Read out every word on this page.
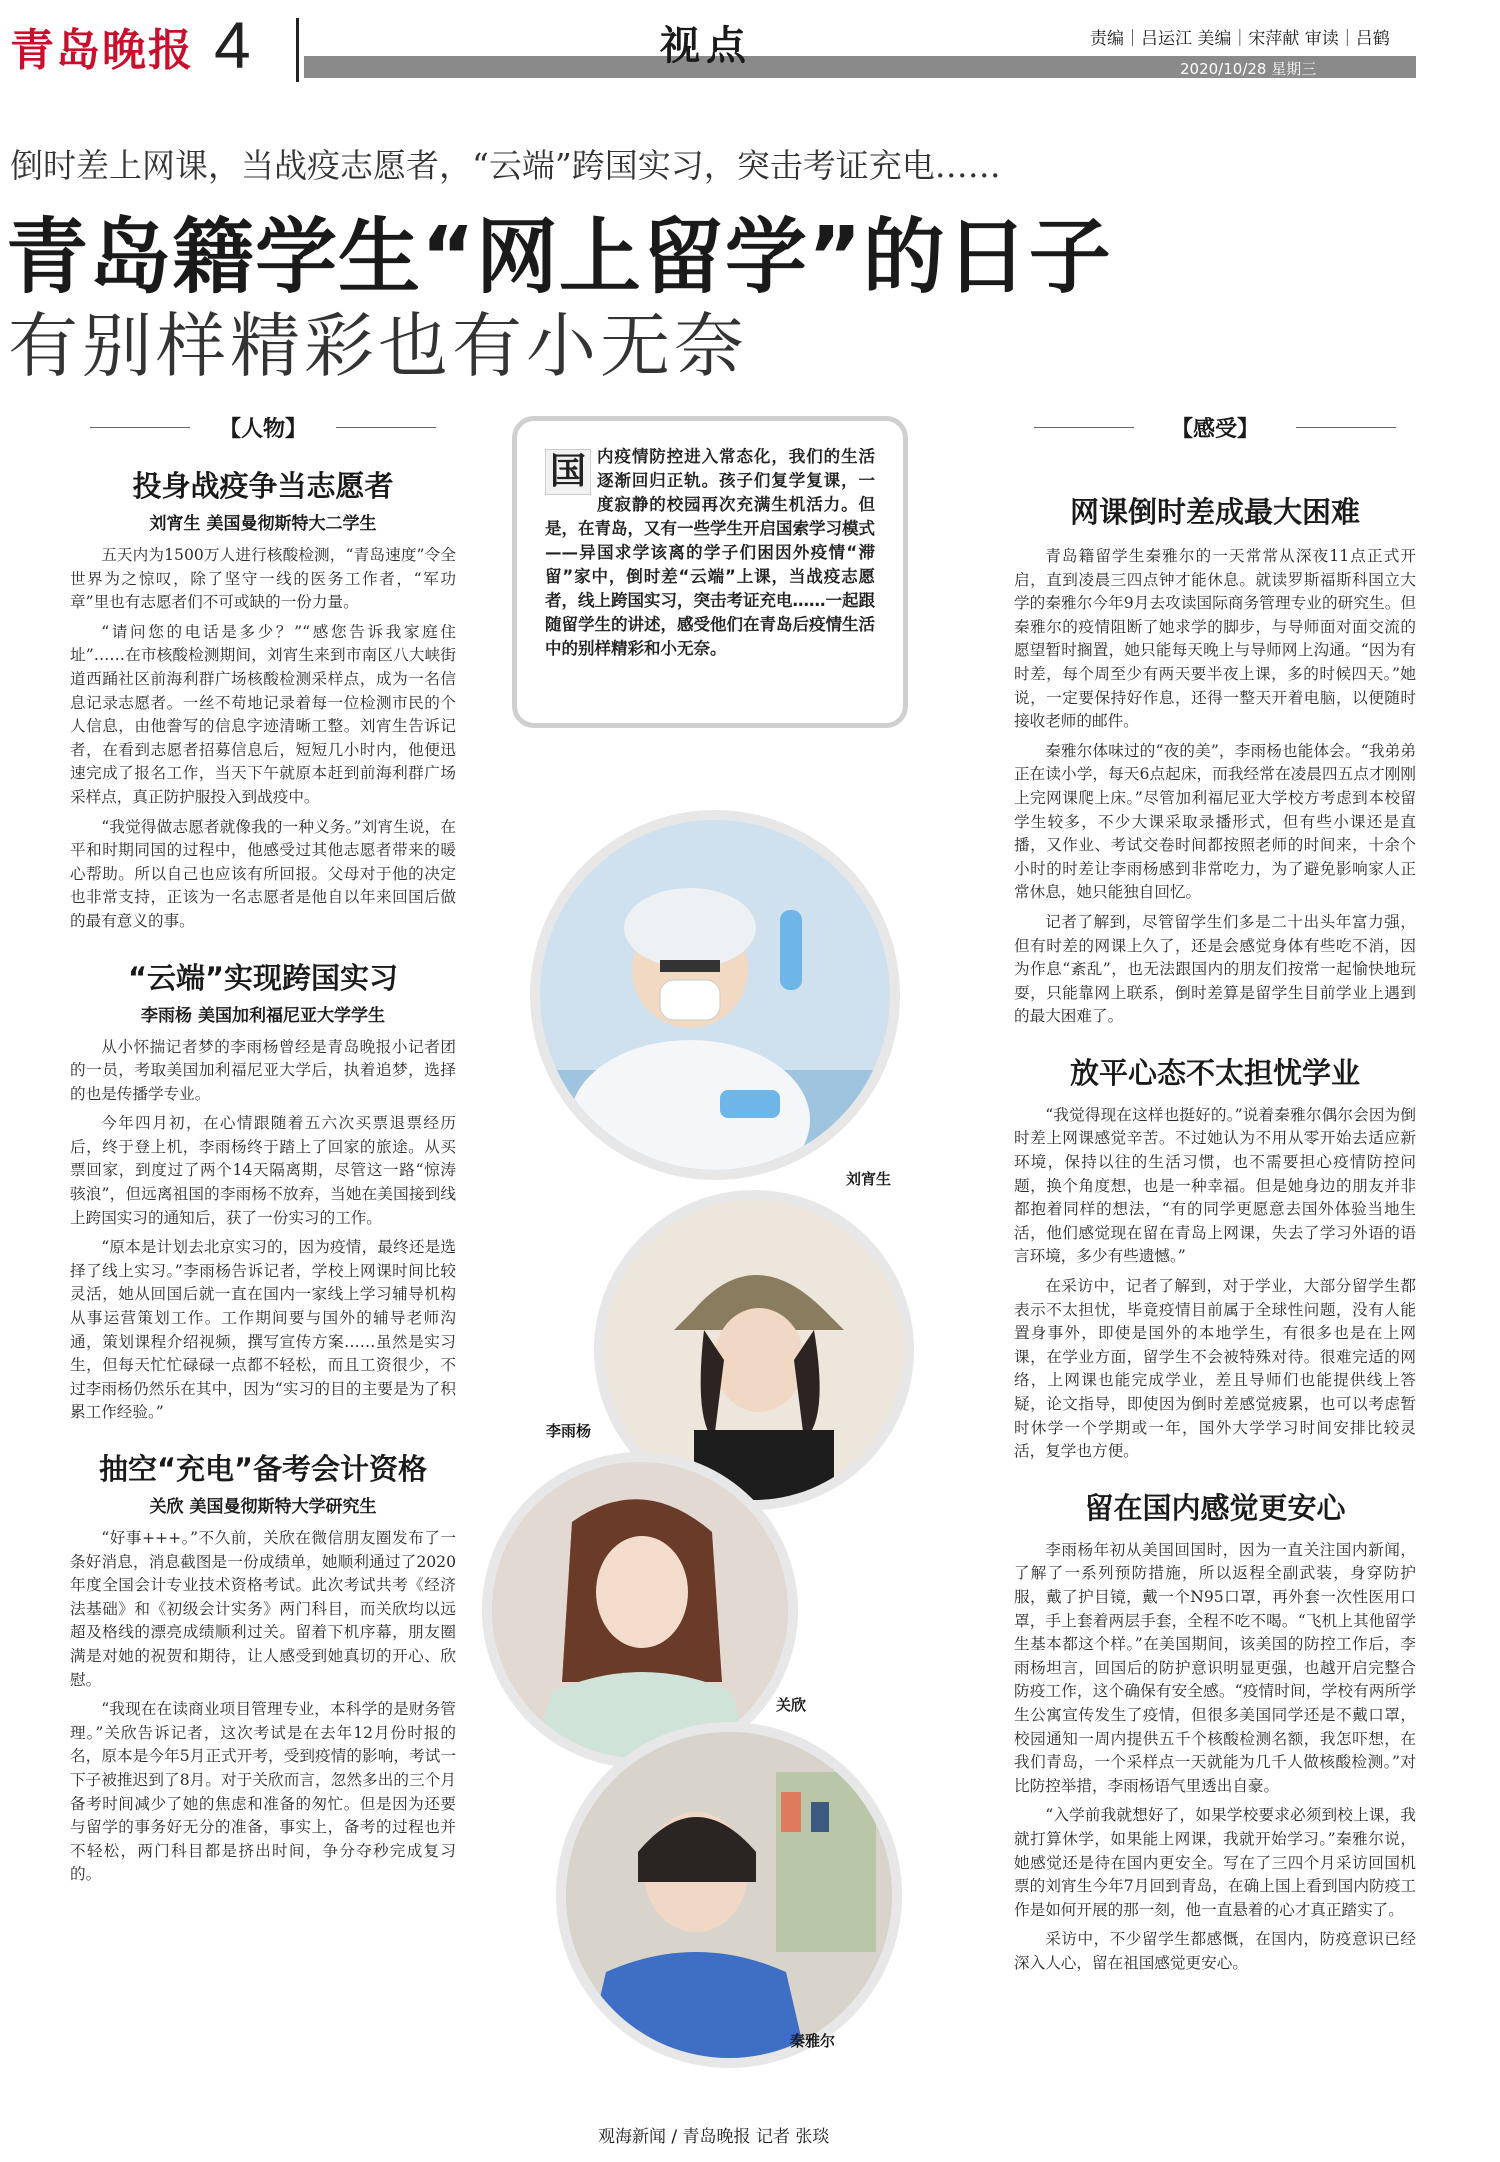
青岛晚报 4	视点	责编｜吕运江 美编｜宋萍献 审读｜吕鹤
2020/10/28 星期三
倒时差上网课，当战疫志愿者，“云端”跨国实习，突击考证充电……
青岛籍学生“网上留学”的日子
有别样精彩也有小无奈
【人物】
投身战疫争当志愿者
刘宵生 美国曼彻斯特大二学生

五天内为1500万人进行核酸检测，“青岛速度”令全世界为之惊叹，除了坚守一线的医务工作者，“军功章”里也有志愿者们不可或缺的一份力量。

“请问您的电话是多少？”“感您告诉我家庭住址”……在市核酸检测期间，刘宵生来到市南区八大峡街道西踊社区前海利群广场核酸检测采样点，成为一名信息记录志愿者。一丝不苟地记录着每一位检测市民的个人信息，由他誊写的信息字迹清晰工整。刘宵生告诉记者，在看到志愿者招募信息后，短短几小时内，他便迅速完成了报名工作，当天下午就原本赶到前海利群广场采样点，真正防护服投入到战疫中。

“我觉得做志愿者就像我的一种义务。”刘宵生说，在平和时期同国的过程中，他感受过其他志愿者带来的暖心帮助。所以自己也应该有所回报。父母对于他的决定也非常支持，正该为一名志愿者是他自以年来回国后做的最有意义的事。

“云端”实现跨国实习
李雨杨 美国加利福尼亚大学学生

从小怀揣记者梦的李雨杨曾经是青岛晚报小记者团的一员，考取美国加利福尼亚大学后，执着追梦，选择的也是传播学专业。

今年四月初，在心情跟随着五六次买票退票经历后，终于登上机，李雨杨终于踏上了回家的旅途。从买票回家，到度过了两个14天隔离期，尽管这一路“惊涛骇浪”，但远离祖国的李雨杨不放弃，当她在美国接到线上跨国实习的通知后，获了一份实习的工作。

“原本是计划去北京实习的，因为疫情，最终还是选择了线上实习。”李雨杨告诉记者，学校上网课时间比较灵活，她从回国后就一直在国内一家线上学习辅导机构从事运营策划工作。工作期间要与国外的辅导老师沟通，策划课程介绍视频，撰写宣传方案……虽然是实习生，但每天忙忙碌碌一点都不轻松，而且工资很少，不过李雨杨仍然乐在其中，因为“实习的目的主要是为了积累工作经验。”

抽空“充电”备考会计资格
关欣 美国曼彻斯特大学研究生

“好事+++。”不久前，关欣在微信朋友圈发布了一条好消息，消息截图是一份成绩单，她顺利通过了2020年度全国会计专业技术资格考试。此次考试共考《经济法基础》和《初级会计实务》两门科目，而关欣均以远超及格线的漂亮成绩顺利过关。留着下机序幕，朋友圈满是对她的祝贺和期待，让人感受到她真切的开心、欣慰。

“我现在在读商业项目管理专业，本科学的是财务管理。”关欣告诉记者，这次考试是在去年12月份时报的名，原本是今年5月正式开考，受到疫情的影响，考试一下子被推迟到了8月。对于关欣而言，忽然多出的三个月备考时间减少了她的焦虑和准备的匆忙。但是因为还要与留学的事务好无分的准备，事实上，备考的过程也并不轻松，两门科目都是挤出时间，争分夺秒完成复习的。

国 内疫情防控进入常态化，我们的生活逐渐回归正轨。孩子们复学复课，一度寂静的校园再次充满生机活力。但是，在青岛，又有一些学生开启国索学习模式——异国求学该离的学子们困因外疫情“滞留”家中，倒时差“云端”上课，当战疫志愿者，线上跨国实习，突击考证充电……一起跟随留学生的讲述，感受他们在青岛后疫情生活中的别样精彩和小无奈。
刘宵生
李雨杨
关欣
秦雅尔
【感受】
网课倒时差成最大困难

青岛籍留学生秦雅尔的一天常常从深夜11点正式开启，直到凌晨三四点钟才能休息。就读罗斯福斯科国立大学的秦雅尔今年9月去攻读国际商务管理专业的研究生。但秦雅尔的疫情阻断了她求学的脚步，与导师面对面交流的愿望暂时搁置，她只能每天晚上与导师网上沟通。“因为有时差，每个周至少有两天要半夜上课，多的时候四天。”她说，一定要保持好作息，还得一整天开着电脑，以便随时接收老师的邮件。

秦雅尔体味过的“夜的美”，李雨杨也能体会。“我弟弟正在读小学，每天6点起床，而我经常在凌晨四五点才刚刚上完网课爬上床。”尽管加利福尼亚大学校方考虑到本校留学生较多，不少大课采取录播形式，但有些小课还是直播，又作业、考试交卷时间都按照老师的时间来，十余个小时的时差让李雨杨感到非常吃力，为了避免影响家人正常休息，她只能独自回忆。

记者了解到，尽管留学生们多是二十出头年富力强，但有时差的网课上久了，还是会感觉身体有些吃不消，因为作息“紊乱”，也无法跟国内的朋友们按常一起愉快地玩耍，只能靠网上联系，倒时差算是留学生目前学业上遇到的最大困难了。

放平心态不太担忧学业

“我觉得现在这样也挺好的。”说着秦雅尔偶尔会因为倒时差上网课感觉辛苦。不过她认为不用从零开始去适应新环境，保持以往的生活习惯，也不需要担心疫情防控问题，换个角度想，也是一种幸福。但是她身边的朋友并非都抱着同样的想法，“有的同学更愿意去国外体验当地生活，他们感觉现在留在青岛上网课，失去了学习外语的语言环境，多少有些遗憾。”

在采访中，记者了解到，对于学业，大部分留学生都表示不太担忧，毕竟疫情目前属于全球性问题，没有人能置身事外，即使是国外的本地学生，有很多也是在上网课，在学业方面，留学生不会被特殊对待。很难完适的网络，上网课也能完成学业，差且导师们也能提供线上答疑，论文指导，即使因为倒时差感觉疲累，也可以考虑暂时休学一个学期或一年，国外大学学习时间安排比较灵活，复学也方便。

留在国内感觉更安心

李雨杨年初从美国回国时，因为一直关注国内新闻，了解了一系列预防措施，所以返程全副武装，身穿防护服，戴了护目镜，戴一个N95口罩，再外套一次性医用口罩，手上套着两层手套，全程不吃不喝。“飞机上其他留学生基本都这个样。”在美国期间，该美国的防控工作后，李雨杨坦言，回国后的防护意识明显更强，也越开启完整合防疫工作，这个确保有安全感。“疫情时间，学校有两所学生公寓宣传发生了疫情，但很多美国同学还是不戴口罩，校园通知一周内提供五千个核酸检测名额，我怎吓想，在我们青岛，一个采样点一天就能为几千人做核酸检测。”对比防控举措，李雨杨语气里透出自豪。

“入学前我就想好了，如果学校要求必须到校上课，我就打算休学，如果能上网课，我就开始学习。”秦雅尔说，她感觉还是待在国内更安全。写在了三四个月采访回国机票的刘宵生今年7月回到青岛，在确上国上看到国内防疫工作是如何开展的那一刻，他一直悬着的心才真正踏实了。

采访中，不少留学生都感慨，在国内，防疫意识已经深入人心，留在祖国感觉更安心。

观海新闻 / 青岛晚报 记者 张琰
